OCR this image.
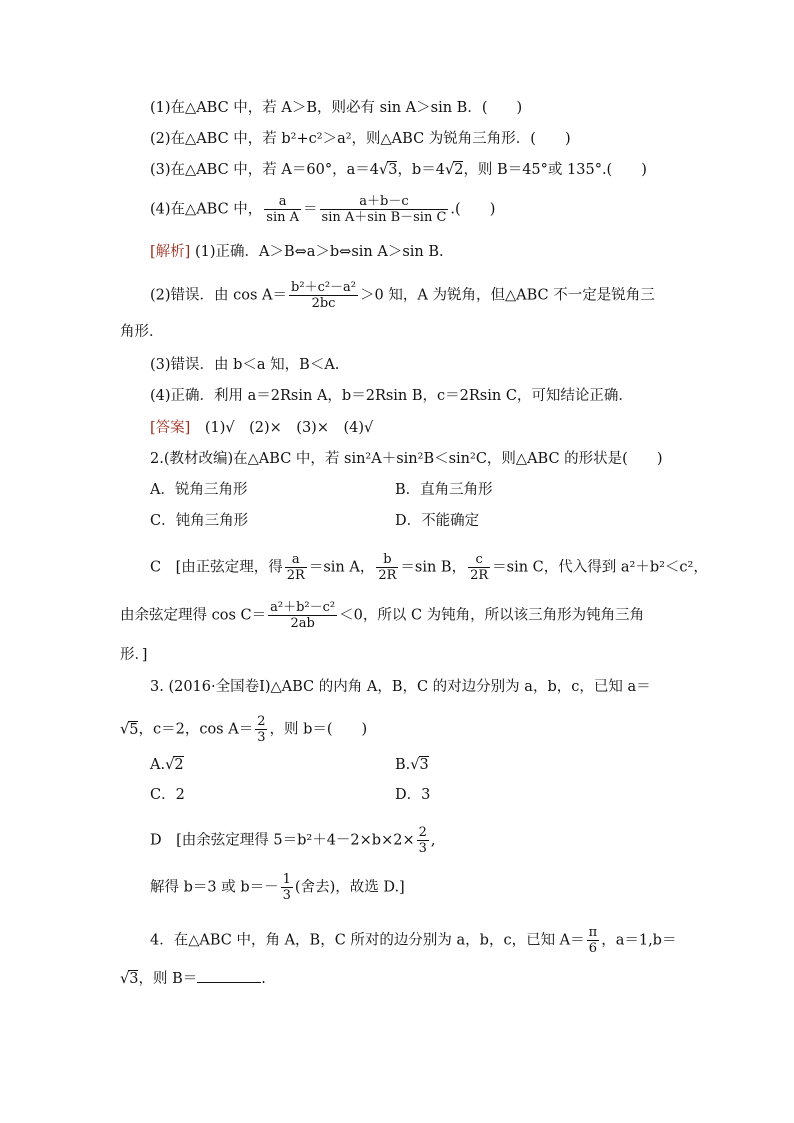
(1)在△ABC 中，若 A＞B，则必有 sin A＞sin B．(　　)
(2)在△ABC 中，若 b²+c²＞a²，则△ABC 为锐角三角形．(　　)
(3)在△ABC 中，若 A＝60°，a＝4√3，b＝4√2，则 B＝45°或 135°.(　　)
(4)在△ABC 中， $\frac{a}{\text{sin A}} = \frac{a+b-c}{\text{sin A＋sin B－sin C}}$ .(　　)
[解析] (1)正确．A＞B⇔a＞b⇔sin A＞sin B.
(2)错误．由 $\cos A= \frac{\text{b²＋c²－a²}}{2bc} >0$ 知，A 为锐角，但△ABC 不一定是锐角三
角形．
(3)错误．由 b＜a 知，B＜A.
(4)正确．利用 a＝2Rsin A，b＝2Rsin B，c＝2Rsin C，可知结论正确．
[答案]　 (1)√　(2)×　(3)×　(4)√
2.(教材改编)在△ABC 中，若 sin²A＋sin²B＜sin²C，则△ABC 的形状是(　　)
A．锐角三角形	B．直角三角形
C．钝角三角形	D．不能确定
C　[由正弦定理，得 $\frac{a}{2R} =\sin$ A， $\frac{b}{2R} =\sin$ B， $\frac{c}{2R} =\sin$ C，代入得到 a²＋b²＜c²，
由余弦定理得 $\cos C= \frac{\text{a²＋b²－c²}}{2ab} <0$，所以 C 为钝角，所以该三角形为钝角三角
形．]
3. (2016·全国卷Ⅰ)△ABC 的内角 A，B，C 的对边分别为 a，b，c，已知 a＝
√5，c＝2，$\cos A= \frac{2}{3}$ ，则 b＝(　　)
A.√2	B.√3
C．2	D．3
D　[由余弦定理得 $5=b^2+4-2\times b\times 2\times \frac{2}{3}$ ,
解得 b＝3 或 $b=- \frac{1}{3}$ (舍去)，故选 D.]
4．在△ABC 中，角 A，B，C 所对的边分别为 a，b，c，已知 $A= \frac{\pi}{6}$ ，a＝1,b＝
√3，则 B＝	.
